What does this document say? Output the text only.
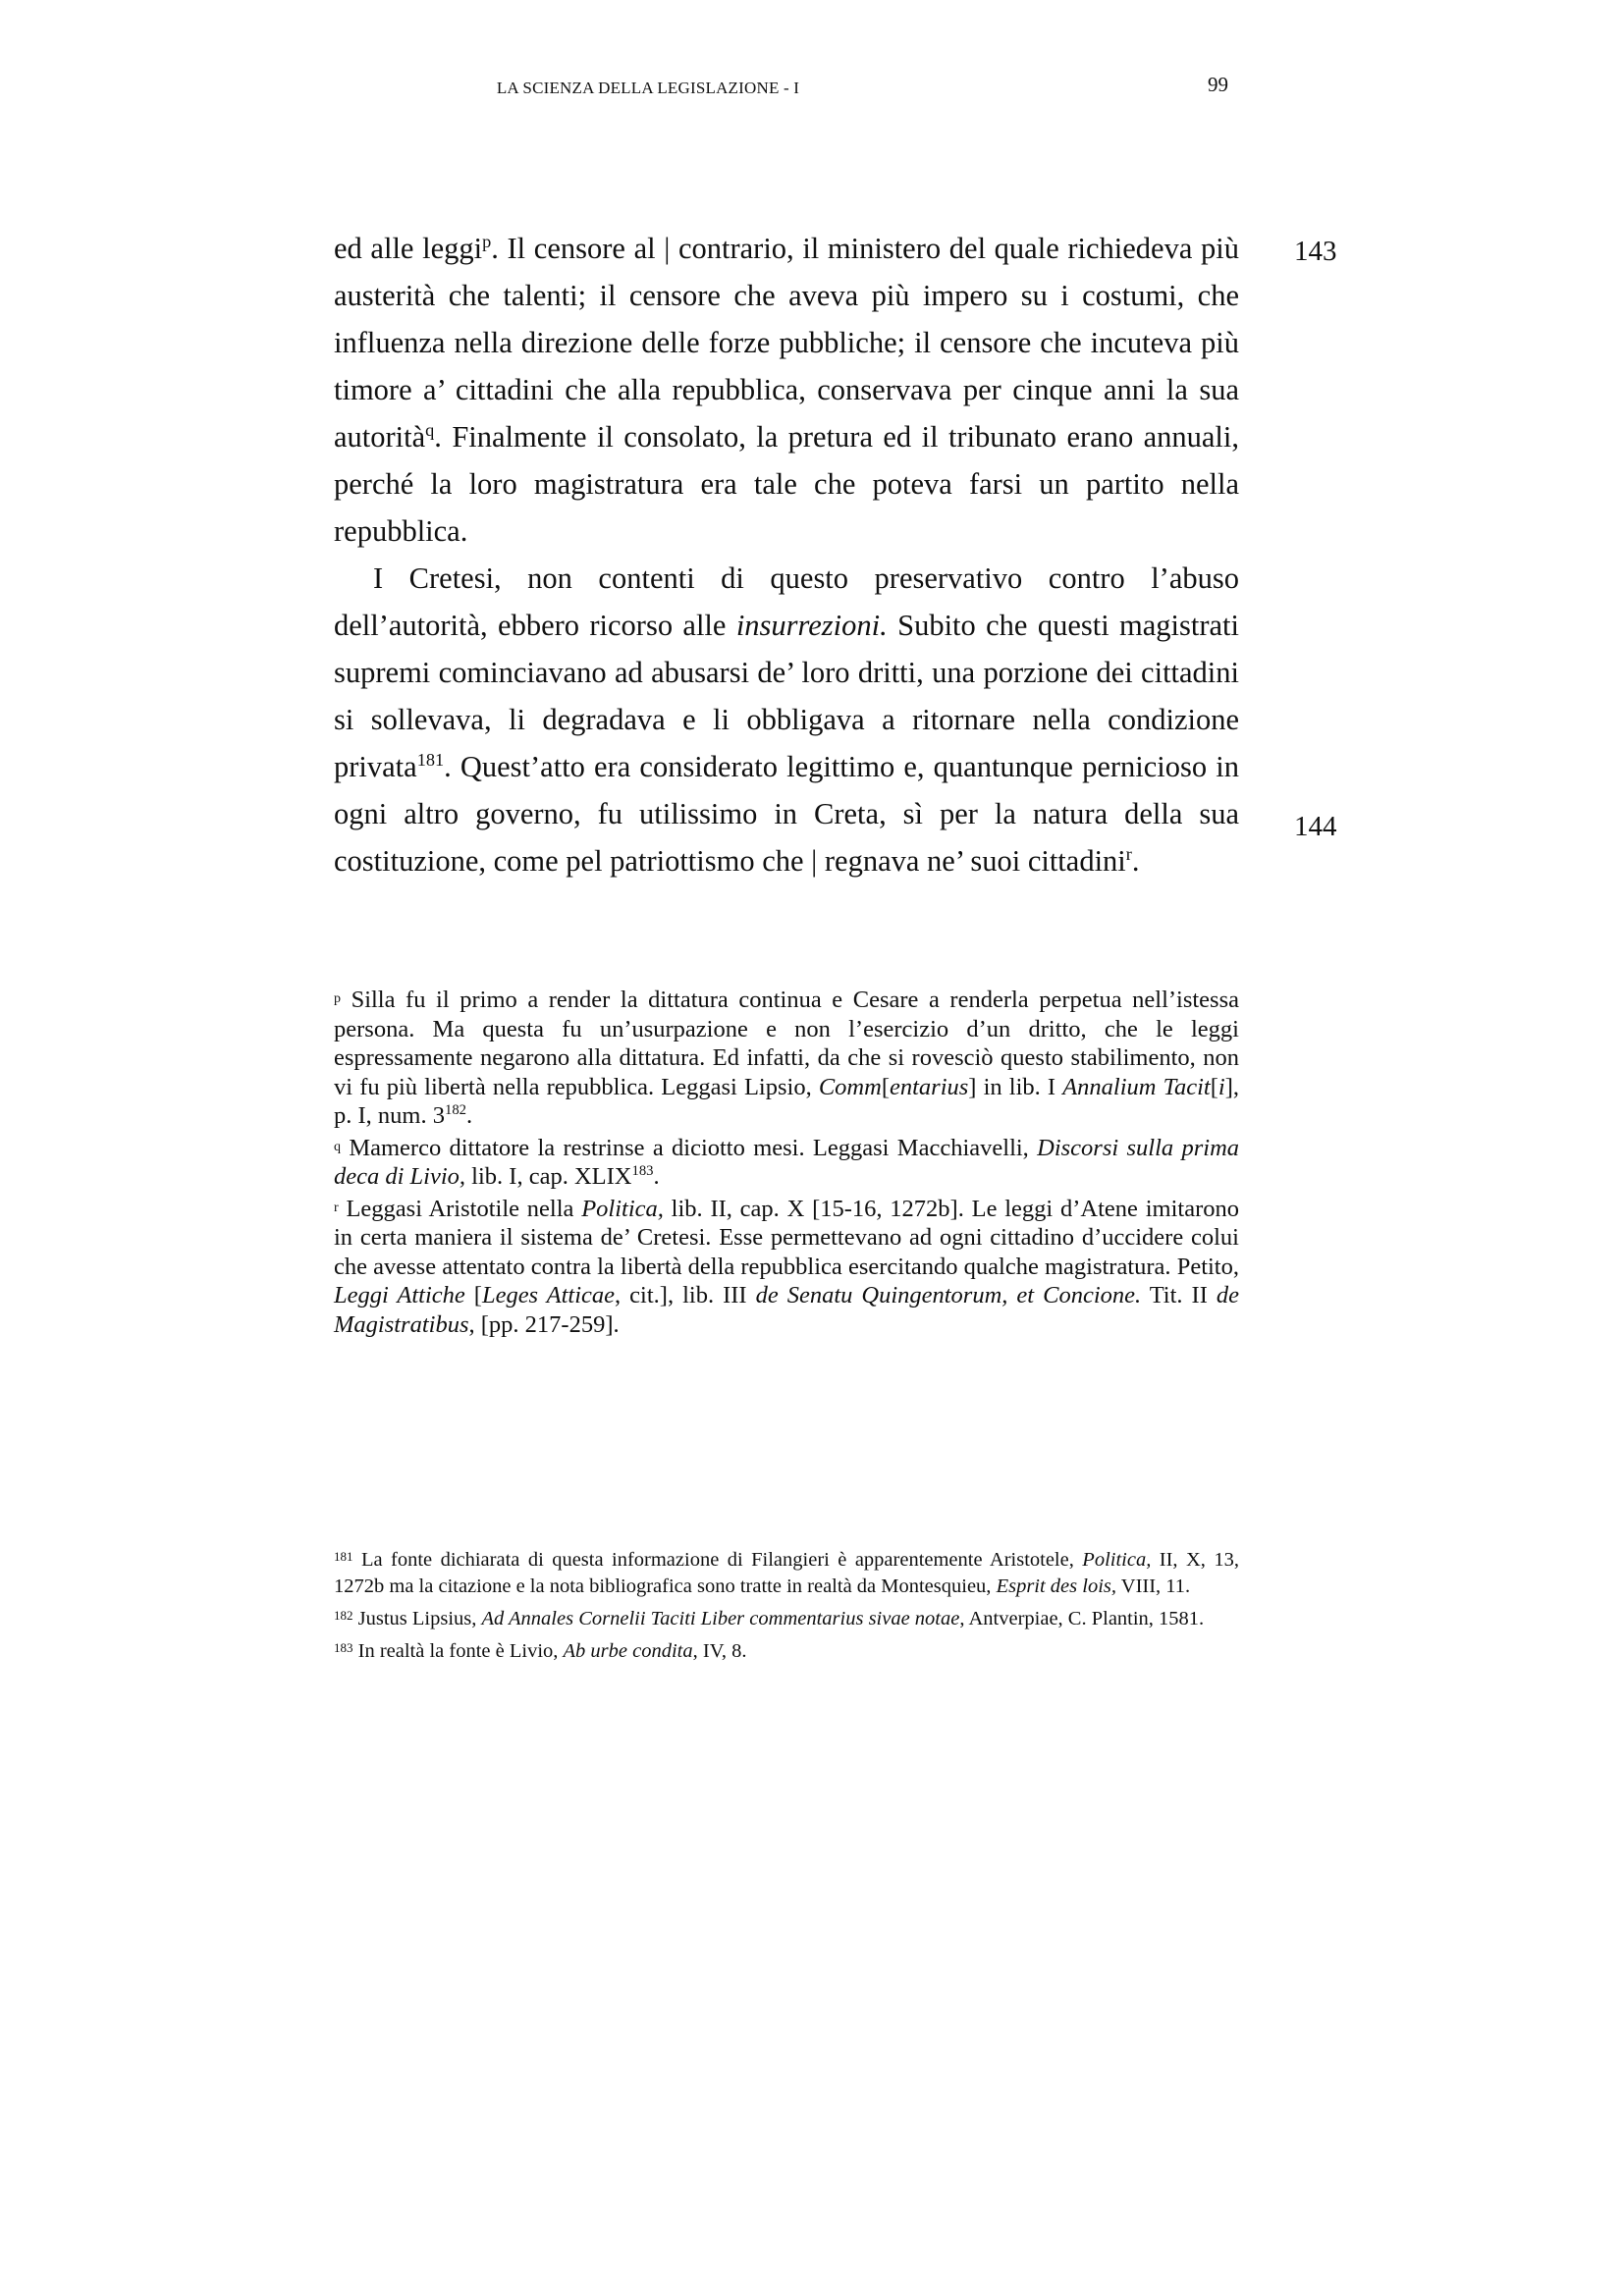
LA SCIENZA DELLA LEGISLAZIONE - I	99
143
144

ed alle leggi$^p$. Il censore al | contrario, il ministero del quale richiedeva più austerità che talenti; il censore che aveva più impero su i costumi, che influenza nella direzione delle forze pubbliche; il censore che incuteva più timore a’ cittadini che alla repubblica, conservava per cinque anni la sua autorità$^q$. Finalmente il consolato, la pretura ed il tribunato erano annuali, perché la loro magistratura era tale che poteva farsi un partito nella repubblica.

I Cretesi, non contenti di questo preservativo contro l’abuso dell’autorità, ebbero ricorso alle insurrezioni. Subito che questi magistrati supremi cominciavano ad abusarsi de’ loro dritti, una porzione dei cittadini si sollevava, li degradava e li obbligava a ritornare nella condizione privata$^{181}$. Quest’atto era considerato legittimo e, quantunque pernicioso in ogni altro governo, fu utilissimo in Creta, sì per la natura della sua costituzione, come pel patriottismo che | regnava ne’ suoi cittadini$^r$.

$^p$ Silla fu il primo a render la dittatura continua e Cesare a renderla perpetua nell’istessa persona. Ma questa fu un’usurpazione e non l’esercizio d’un dritto, che le leggi espressamente negarono alla dittatura. Ed infatti, da che si rovesciò questo stabilimento, non vi fu più libertà nella repubblica. Leggasi Lipsio, Comm[entarius] in lib. I Annalium Tacit[i], p. I, num. $3^{182}$.

$^q$ Mamerco dittatore la restrinse a diciotto mesi. Leggasi Macchiavelli, Discorsi sulla prima deca di Livio, lib. I, cap. XLIX$^{183}$.

$^r$ Leggasi Aristotile nella Politica, lib. II, cap. X [15-16, 1272b]. Le leggi d’Atene imitarono in certa maniera il sistema de’ Cretesi. Esse permettevano ad ogni cittadino d’uccidere colui che avesse attentato contra la libertà della repubblica esercitando qualche magistratura. Petito, Leggi Attiche [Leges Atticae, cit.], lib. III de Senatu Quingentorum, et Concione. Tit. II de Magistratibus, [pp. 217-259].

$^{181}$ La fonte dichiarata di questa informazione di Filangieri è apparentemente Aristotele, Politica, II, X, 13, 1272b ma la citazione e la nota bibliografica sono tratte in realtà da Montesquieu, Esprit des lois, VIII, 11.

$^{182}$ Justus Lipsius, Ad Annales Cornelii Taciti Liber commentarius sivae notae, Antverpiae, C. Plantin, 1581.

$^{183}$ In realtà la fonte è Livio, Ab urbe condita, IV, 8.
